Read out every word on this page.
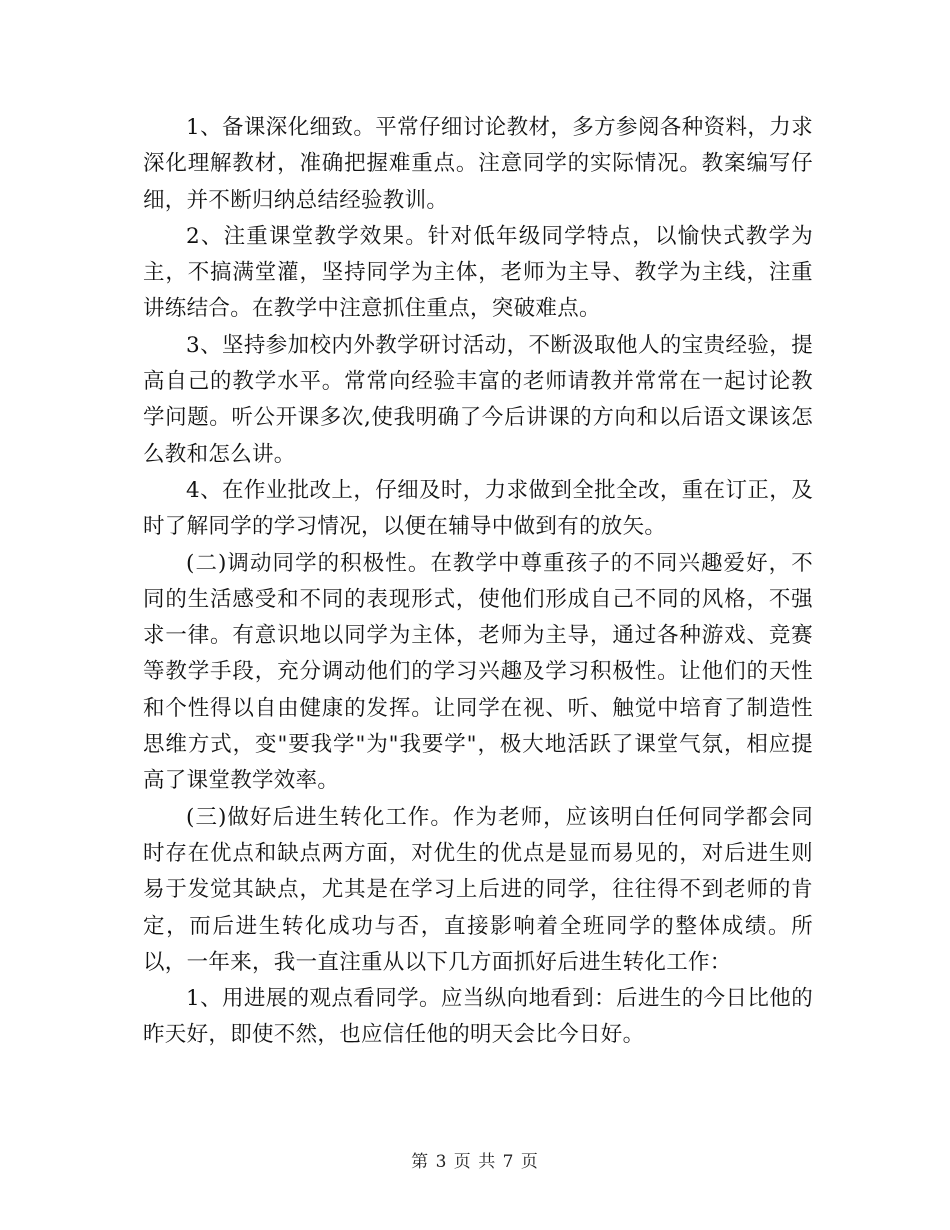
1、备课深化细致。平常仔细讨论教材，多方参阅各种资料，力求深化理解教材，准确把握难重点。注意同学的实际情况。教案编写仔细，并不断归纳总结经验教训。

2、注重课堂教学效果。针对低年级同学特点，以愉快式教学为主，不搞满堂灌，坚持同学为主体，老师为主导、教学为主线，注重讲练结合。在教学中注意抓住重点，突破难点。

3、坚持参加校内外教学研讨活动，不断汲取他人的宝贵经验，提高自己的教学水平。常常向经验丰富的老师请教并常常在一起讨论教学问题。听公开课多次,使我明确了今后讲课的方向和以后语文课该怎么教和怎么讲。

4、在作业批改上，仔细及时，力求做到全批全改，重在订正，及时了解同学的学习情况，以便在辅导中做到有的放矢。

(二)调动同学的积极性。在教学中尊重孩子的不同兴趣爱好，不同的生活感受和不同的表现形式，使他们形成自己不同的风格，不强求一律。有意识地以同学为主体，老师为主导，通过各种游戏、竞赛等教学手段，充分调动他们的学习兴趣及学习积极性。让他们的天性和个性得以自由健康的发挥。让同学在视、听、触觉中培育了制造性思维方式，变"要我学"为"我要学"，极大地活跃了课堂气氛，相应提高了课堂教学效率。

(三)做好后进生转化工作。作为老师，应该明白任何同学都会同时存在优点和缺点两方面，对优生的优点是显而易见的，对后进生则易于发觉其缺点，尤其是在学习上后进的同学，往往得不到老师的肯定，而后进生转化成功与否，直接影响着全班同学的整体成绩。所以，一年来，我一直注重从以下几方面抓好后进生转化工作：

1、用进展的观点看同学。应当纵向地看到：后进生的今日比他的昨天好，即使不然，也应信任他的明天会比今日好。

第 3 页 共 7 页
